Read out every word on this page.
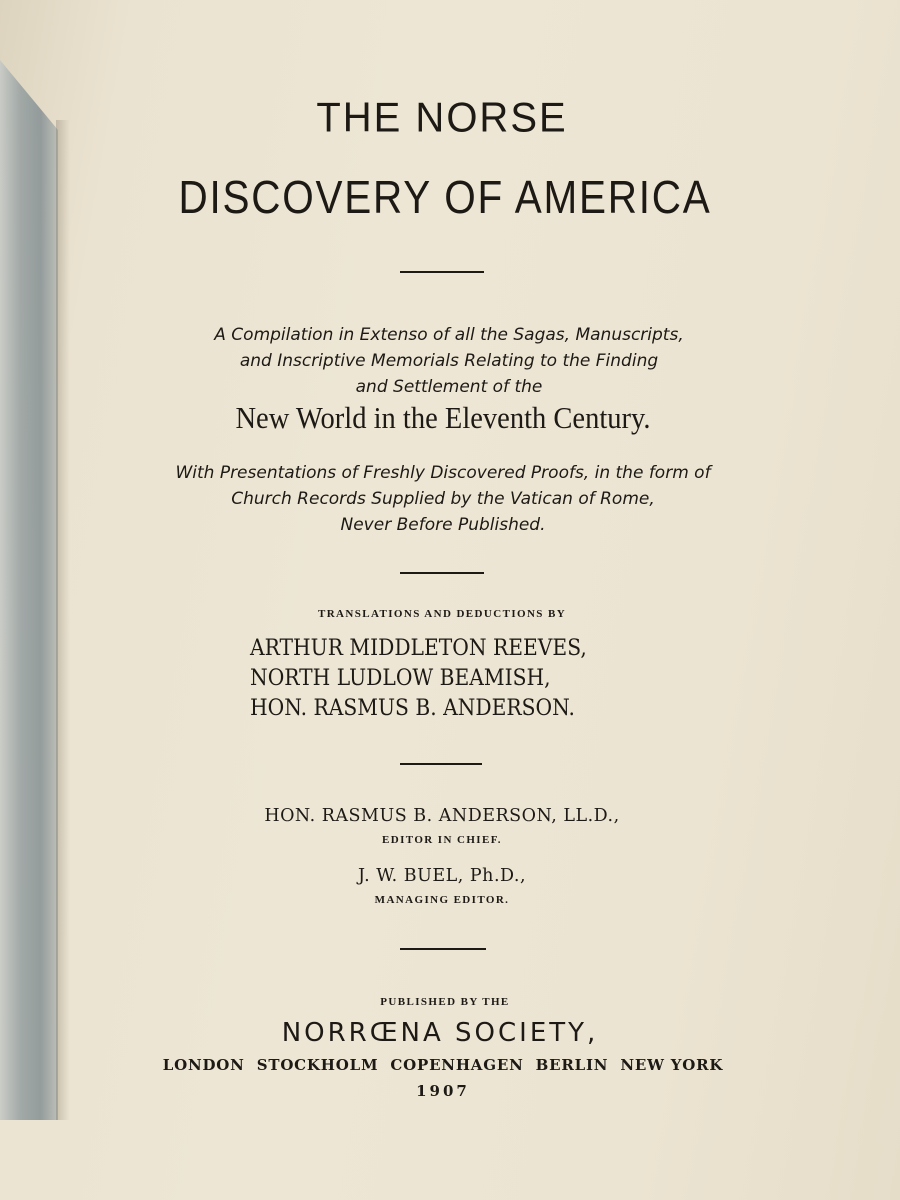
THE NORSE
DISCOVERY OF AMERICA
A Compilation in Extenso of all the Sagas, Manuscripts,
and Inscriptive Memorials Relating to the Finding
and Settlement of the
New World in the Eleventh Century.
With Presentations of Freshly Discovered Proofs, in the form of
Church Records Supplied by the Vatican of Rome,
Never Before Published.
TRANSLATIONS AND DEDUCTIONS BY
ARTHUR MIDDLETON REEVES,
NORTH LUDLOW BEAMISH,
HON. RASMUS B. ANDERSON.
HON. RASMUS B. ANDERSON, LL.D.,
EDITOR IN CHIEF.
J. W. BUEL, Ph.D.,
MANAGING EDITOR.
PUBLISHED BY THE
NORRŒNA SOCIETY,
LONDON  STOCKHOLM  COPENHAGEN  BERLIN  NEW YORK
1907
